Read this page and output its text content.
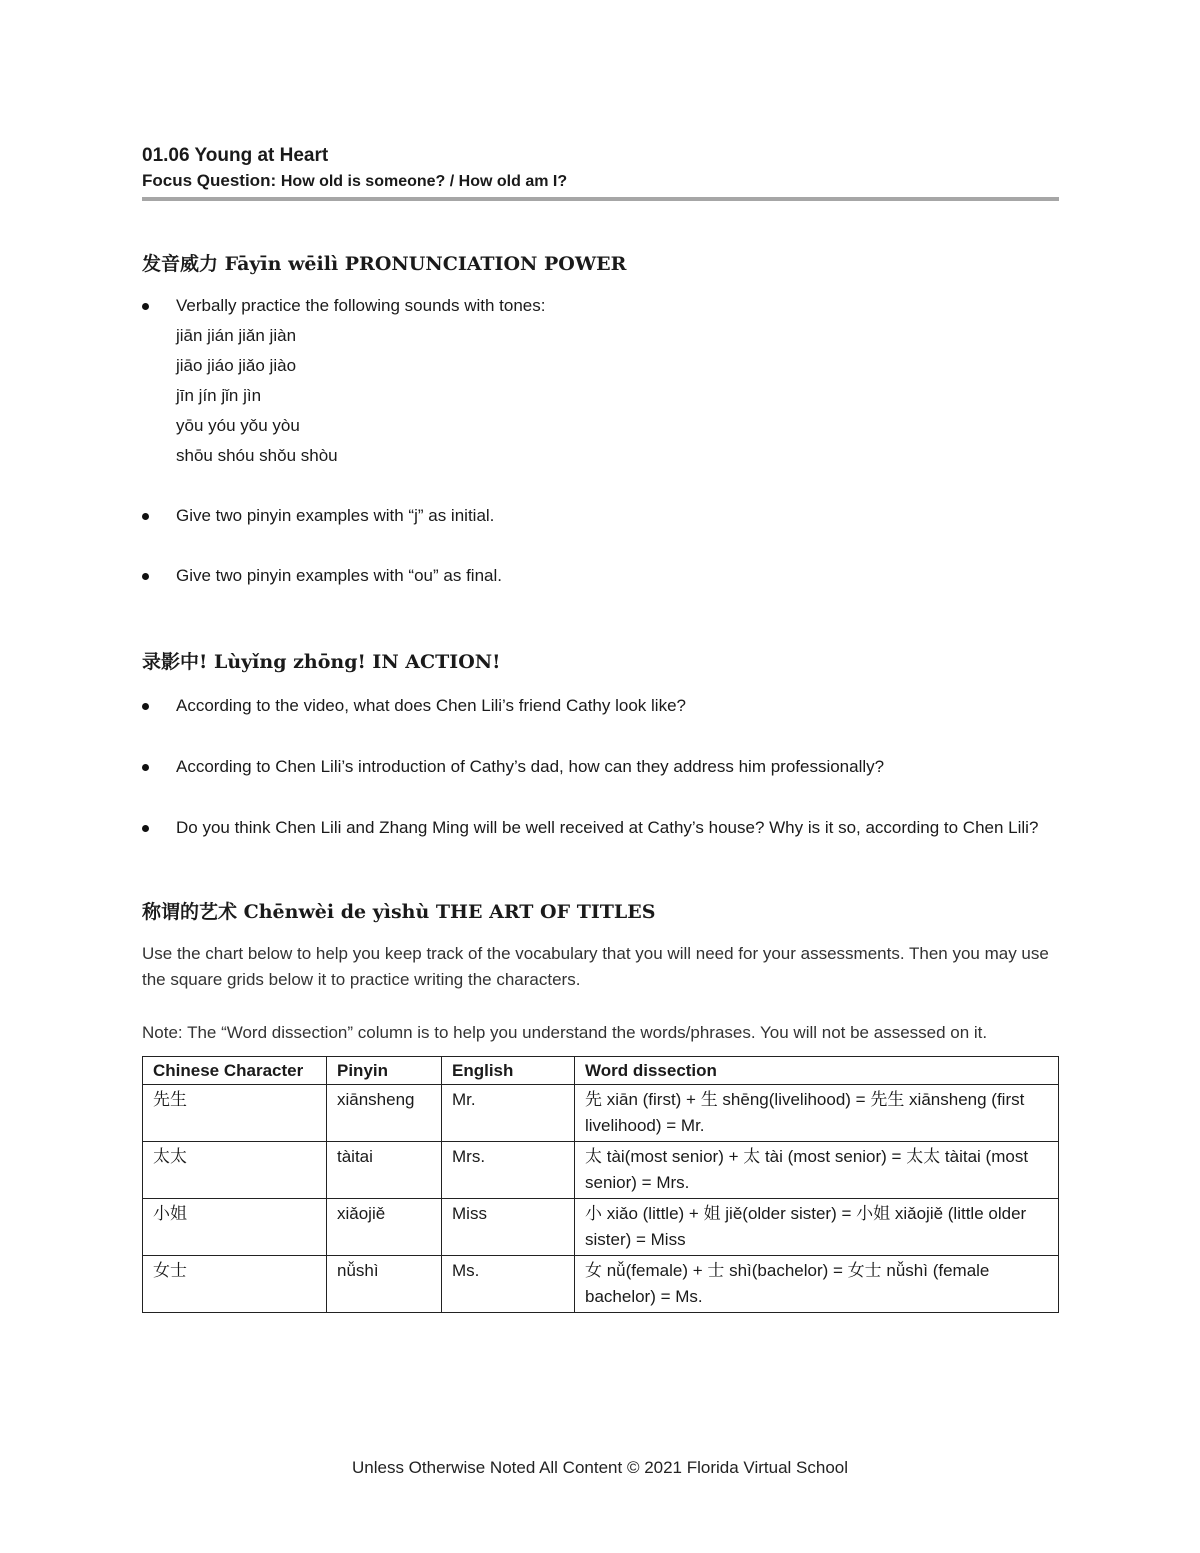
01.06 Young at Heart

Focus Question: How old is someone? / How old am I?

发音威力 Fāyīn wēilì PRONUNCIATION POWER

Verbally practice the following sounds with tones:
jiān jián jiǎn jiàn
jiāo jiáo jiǎo jiào
jīn jín jǐn jìn
yōu yóu yǒu yòu
shōu shóu shǒu shòu
Give two pinyin examples with “j” as initial.
Give two pinyin examples with “ou” as final.

录影中! Lùyǐng zhōng! IN ACTION!

According to the video, what does Chen Lili’s friend Cathy look like?
According to Chen Lili’s introduction of Cathy’s dad, how can they address him professionally?
Do you think Chen Lili and Zhang Ming will be well received at Cathy’s house? Why is it so, according to Chen Lili?

称谓的艺术 Chēnwèi de yìshù THE ART OF TITLES

Use the chart below to help you keep track of the vocabulary that you will need for your assessments. Then you may use the square grids below it to practice writing the characters.

Note: The “Word dissection” column is to help you understand the words/phrases. You will not be assessed on it.

Chinese Character	Pinyin	English	Word dissection
先生	xiānsheng	Mr.	先 xiān (first) + 生 shēng(livelihood) = 先生 xiānsheng (first livelihood) = Mr.
太太	tàitai	Mrs.	太 tài(most senior) + 太 tài (most senior) = 太太 tàitai (most senior) = Mrs.
小姐	xiǎojiě	Miss	小 xiǎo (little) + 姐 jiě(older sister) = 小姐 xiǎojiě (little older sister) = Miss
女士	nǚshì	Ms.	女 nǚ(female) + 士 shì(bachelor) = 女士 nǚshì (female bachelor) = Ms.
Unless Otherwise Noted All Content © 2021 Florida Virtual School
